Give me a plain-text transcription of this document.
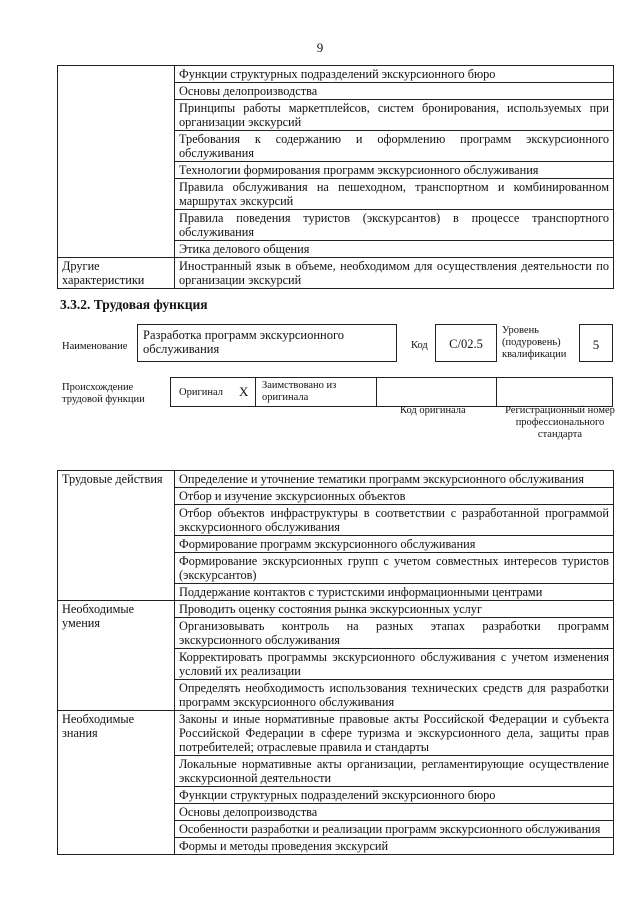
9
	Функции структурных подразделений экскурсионного бюро
	Основы делопроизводства
	Принципы работы маркетплейсов, систем бронирования, используемых при организации экскурсий
	Требования к содержанию и оформлению программ экскурсионного обслуживания
	Технологии формирования программ экскурсионного обслуживания
	Правила обслуживания на пешеходном, транспортном и комбинированном маршрутах экскурсий
	Правила поведения туристов (экскурсантов) в процессе транспортного обслуживания
	Этика делового общения
Другие характеристики	Иностранный язык в объеме, необходимом для осуществления деятельности по организации экскурсий
3.3.2. Трудовая функция
Наименование
Разработка программ экскурсионного обслуживания	Код	С/02.5
Уровень (подуровень) квалификации
5
Происхождение трудовой функции
Оригинал X Заимствовано из оригинала
Код оригинала	Регистрационный номер профессионального стандарта
Трудовые действия	Определение и уточнение тематики программ экскурсионного обслуживания
	Отбор и изучение экскурсионных объектов
	Отбор объектов инфраструктуры в соответствии с разработанной программой экскурсионного обслуживания
	Формирование программ экскурсионного обслуживания
	Формирование экскурсионных групп с учетом совместных интересов туристов (экскурсантов)
	Поддержание контактов с туристскими информационными центрами
Необходимые умения	Проводить оценку состояния рынка экскурсионных услуг
	Организовывать контроль на разных этапах разработки программ экскурсионного обслуживания
	Корректировать программы экскурсионного обслуживания с учетом изменения условий их реализации
	Определять необходимость использования технических средств для разработки программ экскурсионного обслуживания
Необходимые знания	Законы и иные нормативные правовые акты Российской Федерации и субъекта Российской Федерации в сфере туризма и экскурсионного дела, защиты прав потребителей; отраслевые правила и стандарты
	Локальные нормативные акты организации, регламентирующие осуществление экскурсионной деятельности
	Функции структурных подразделений экскурсионного бюро
	Основы делопроизводства
	Особенности разработки и реализации программ экскурсионного обслуживания
	Формы и методы проведения экскурсий
